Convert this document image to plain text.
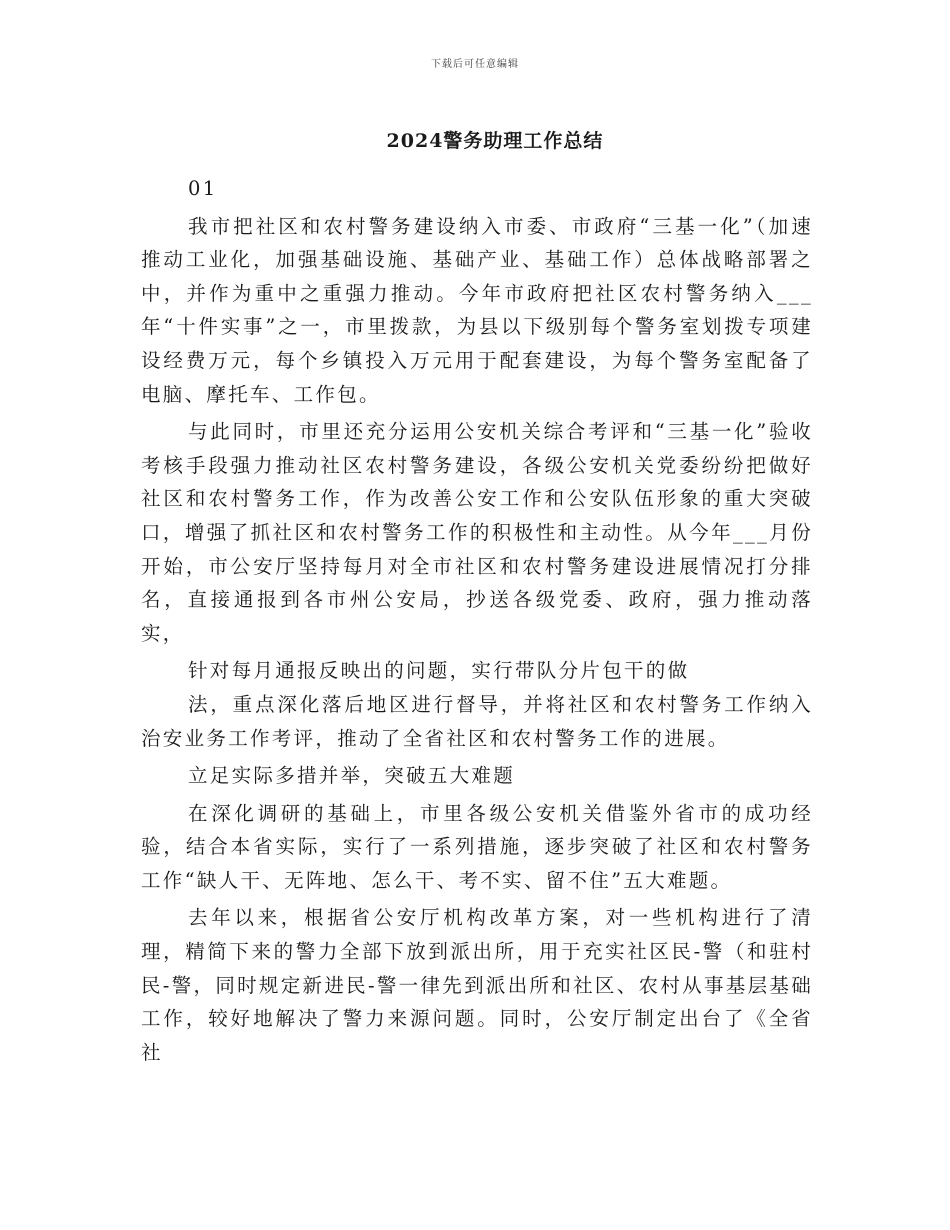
下载后可任意编辑
2024警务助理工作总结

01

我市把社区和农村警务建设纳入市委、市政府“三基一化”（加速推动工业化，加强基础设施、基础产业、基础工作）总体战略部署之中，并作为重中之重强力推动。今年市政府把社区农村警务纳入___年“十件实事”之一，市里拨款，为县以下级别每个警务室划拨专项建设经费万元，每个乡镇投入万元用于配套建设，为每个警务室配备了电脑、摩托车、工作包。

与此同时，市里还充分运用公安机关综合考评和“三基一化”验收考核手段强力推动社区农村警务建设，各级公安机关党委纷纷把做好社区和农村警务工作，作为改善公安工作和公安队伍形象的重大突破口，增强了抓社区和农村警务工作的积极性和主动性。从今年___月份开始，市公安厅坚持每月对全市社区和农村警务建设进展情况打分排名，直接通报到各市州公安局，抄送各级党委、政府，强力推动落实，

针对每月通报反映出的问题，实行带队分片包干的做

法，重点深化落后地区进行督导，并将社区和农村警务工作纳入治安业务工作考评，推动了全省社区和农村警务工作的进展。

立足实际多措并举，突破五大难题

在深化调研的基础上，市里各级公安机关借鉴外省市的成功经验，结合本省实际，实行了一系列措施，逐步突破了社区和农村警务工作“缺人干、无阵地、怎么干、考不实、留不住”五大难题。

去年以来，根据省公安厅机构改革方案，对一些机构进行了清理，精简下来的警力全部下放到派出所，用于充实社区民-警（和驻村民-警，同时规定新进民-警一律先到派出所和社区、农村从事基层基础工作，较好地解决了警力来源问题。同时，公安厅制定出台了《全省社
